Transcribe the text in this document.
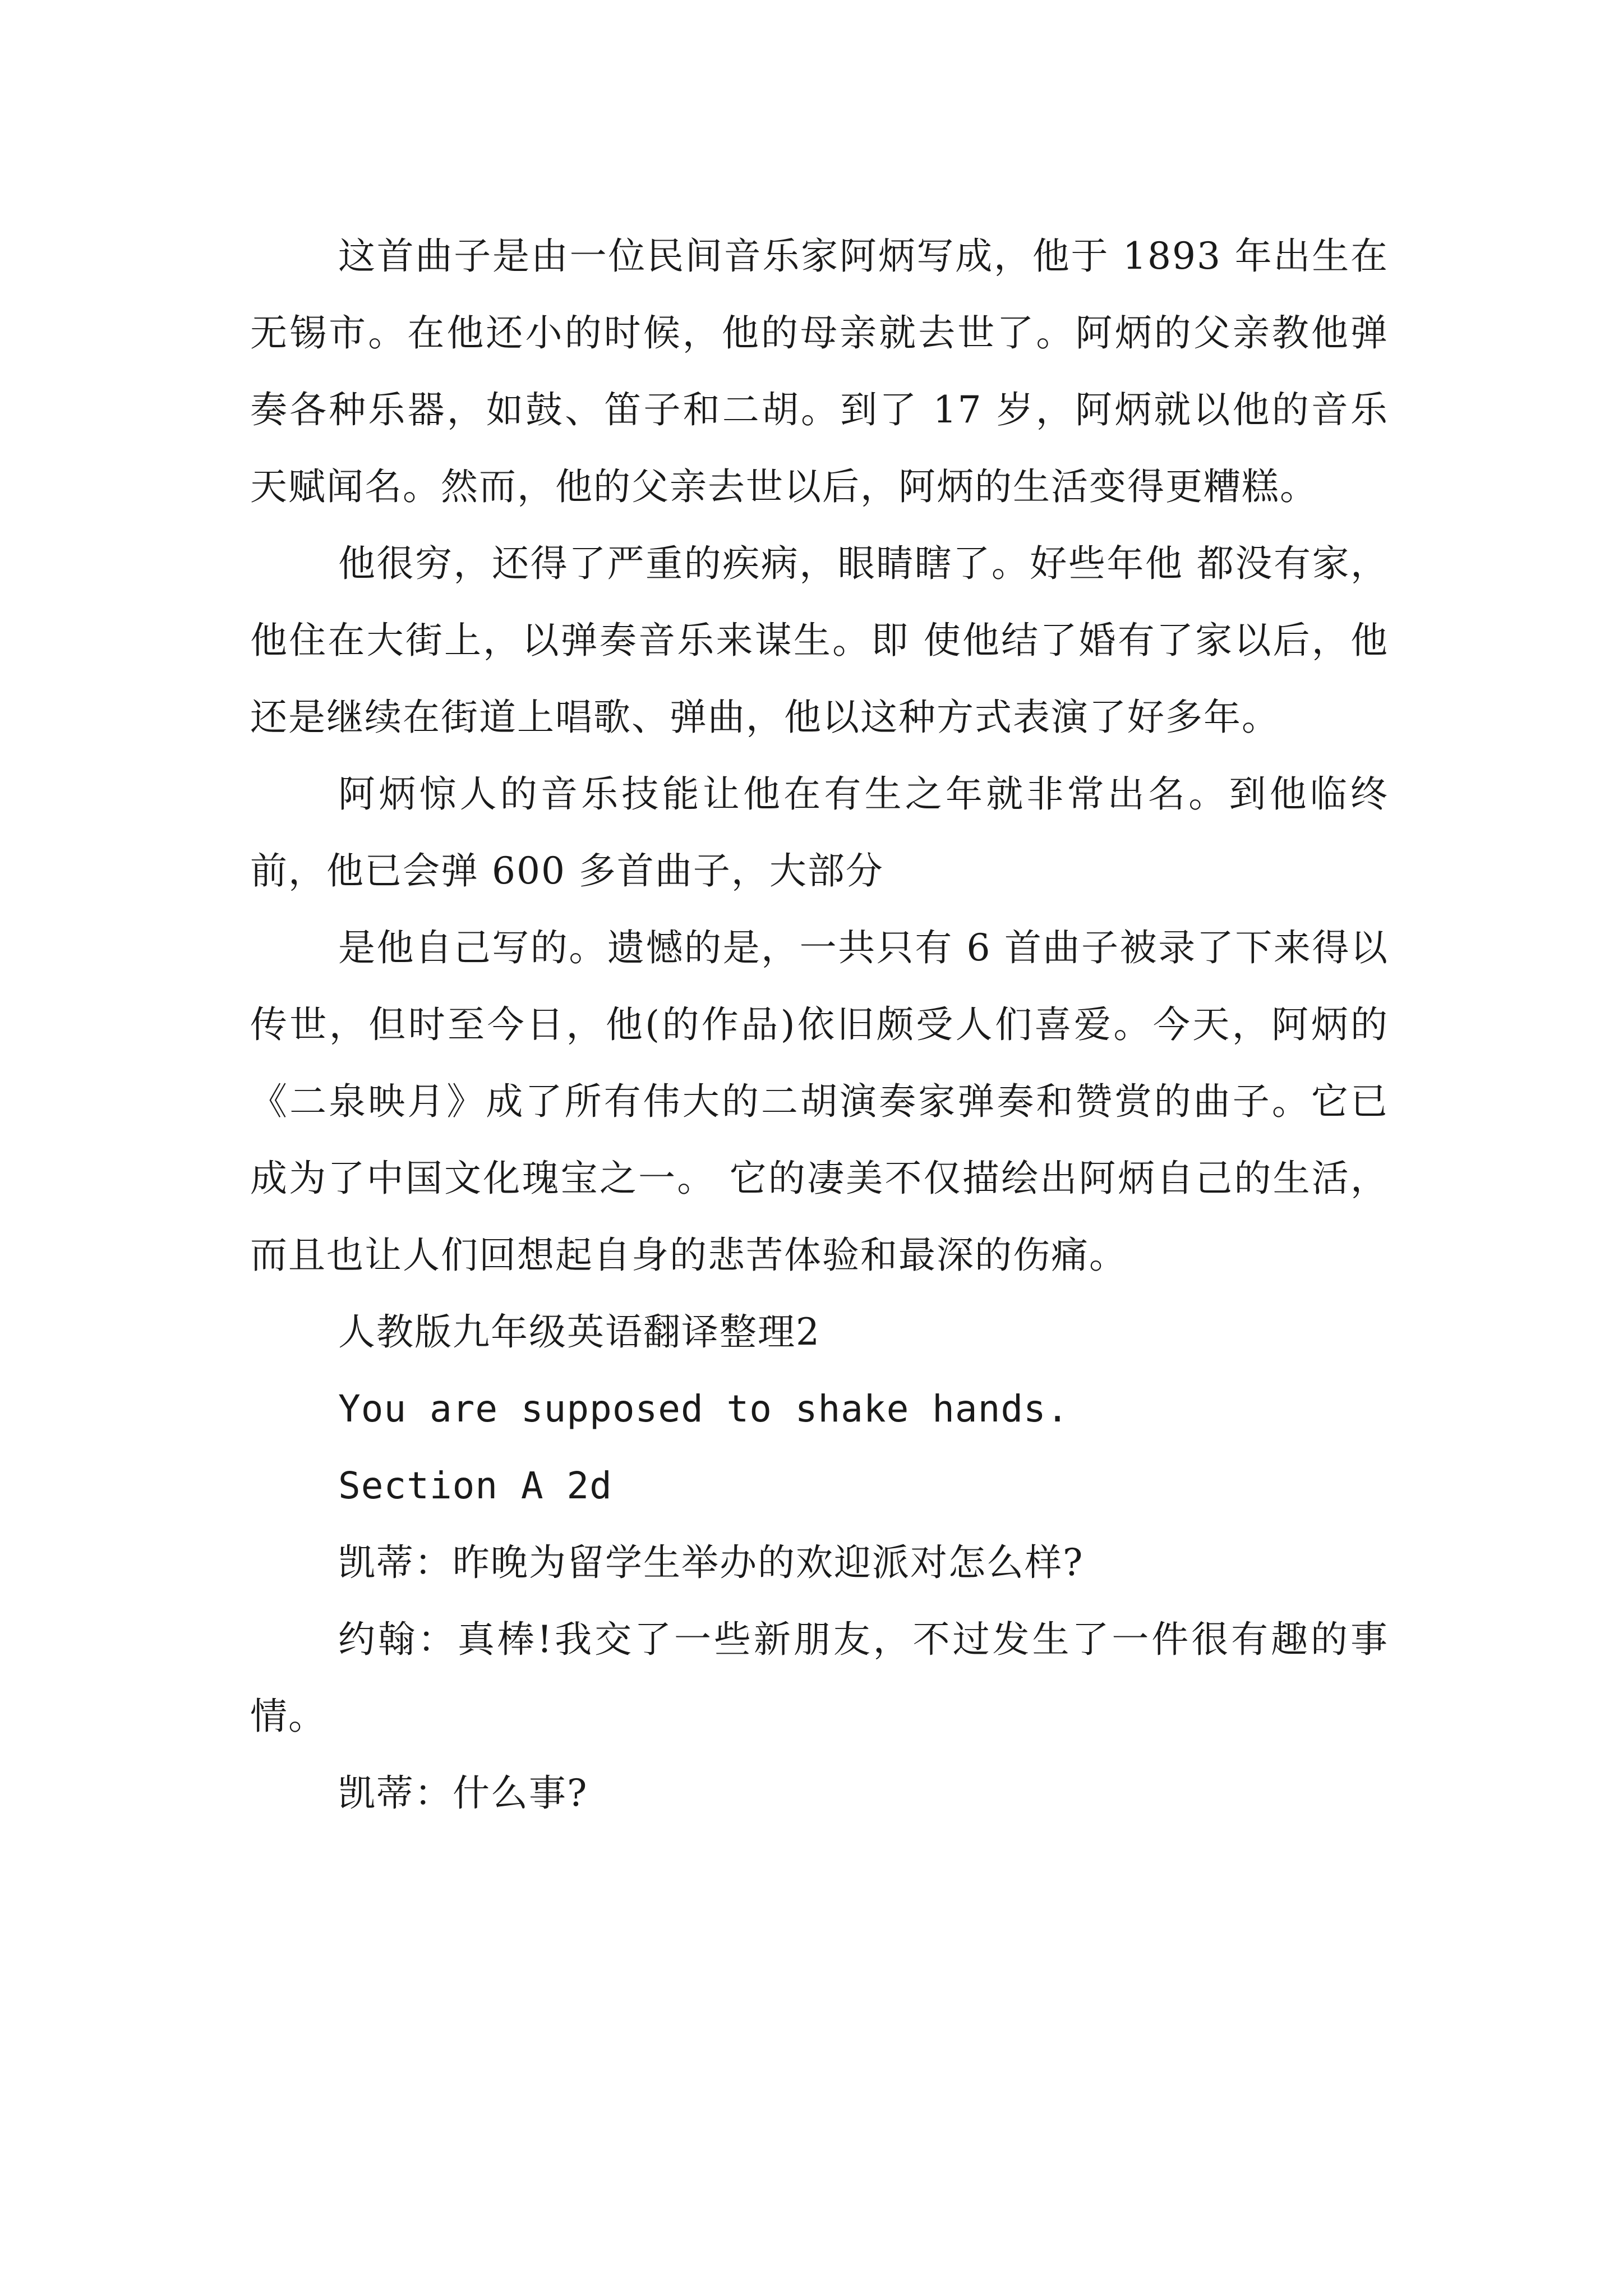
这首曲子是由一位民间音乐家阿炳写成，他于 1893 年出生在无锡市。在他还小的时候，他的母亲就去世了。阿炳的父亲教他弹奏各种乐器，如鼓、笛子和二胡。到了 17 岁，阿炳就以他的音乐天赋闻名。然而，他的父亲去世以后，阿炳的生活变得更糟糕。

他很穷，还得了严重的疾病，眼睛瞎了。好些年他 都没有家，他住在大街上，以弹奏音乐来谋生。即 使他结了婚有了家以后，他还是继续在街道上唱歌、弹曲，他以这种方式表演了好多年。

阿炳惊人的音乐技能让他在有生之年就非常出名。到他临终前，他已会弹 600 多首曲子，大部分

是他自己写的。遗憾的是，一共只有 6 首曲子被录了下来得以传世，但时至今日，他(的作品)依旧颇受人们喜爱。今天，阿炳的《二泉映月》成了所有伟大的二胡演奏家弹奏和赞赏的曲子。它已成为了中国文化瑰宝之一。 它的凄美不仅描绘出阿炳自己的生活，而且也让人们回想起自身的悲苦体验和最深的伤痛。

人教版九年级英语翻译整理2

You are supposed to shake hands.

Section A 2d

凯蒂：昨晚为留学生举办的欢迎派对怎么样?

约翰：真棒!我交了一些新朋友，不过发生了一件很有趣的事情。

凯蒂：什么事?
